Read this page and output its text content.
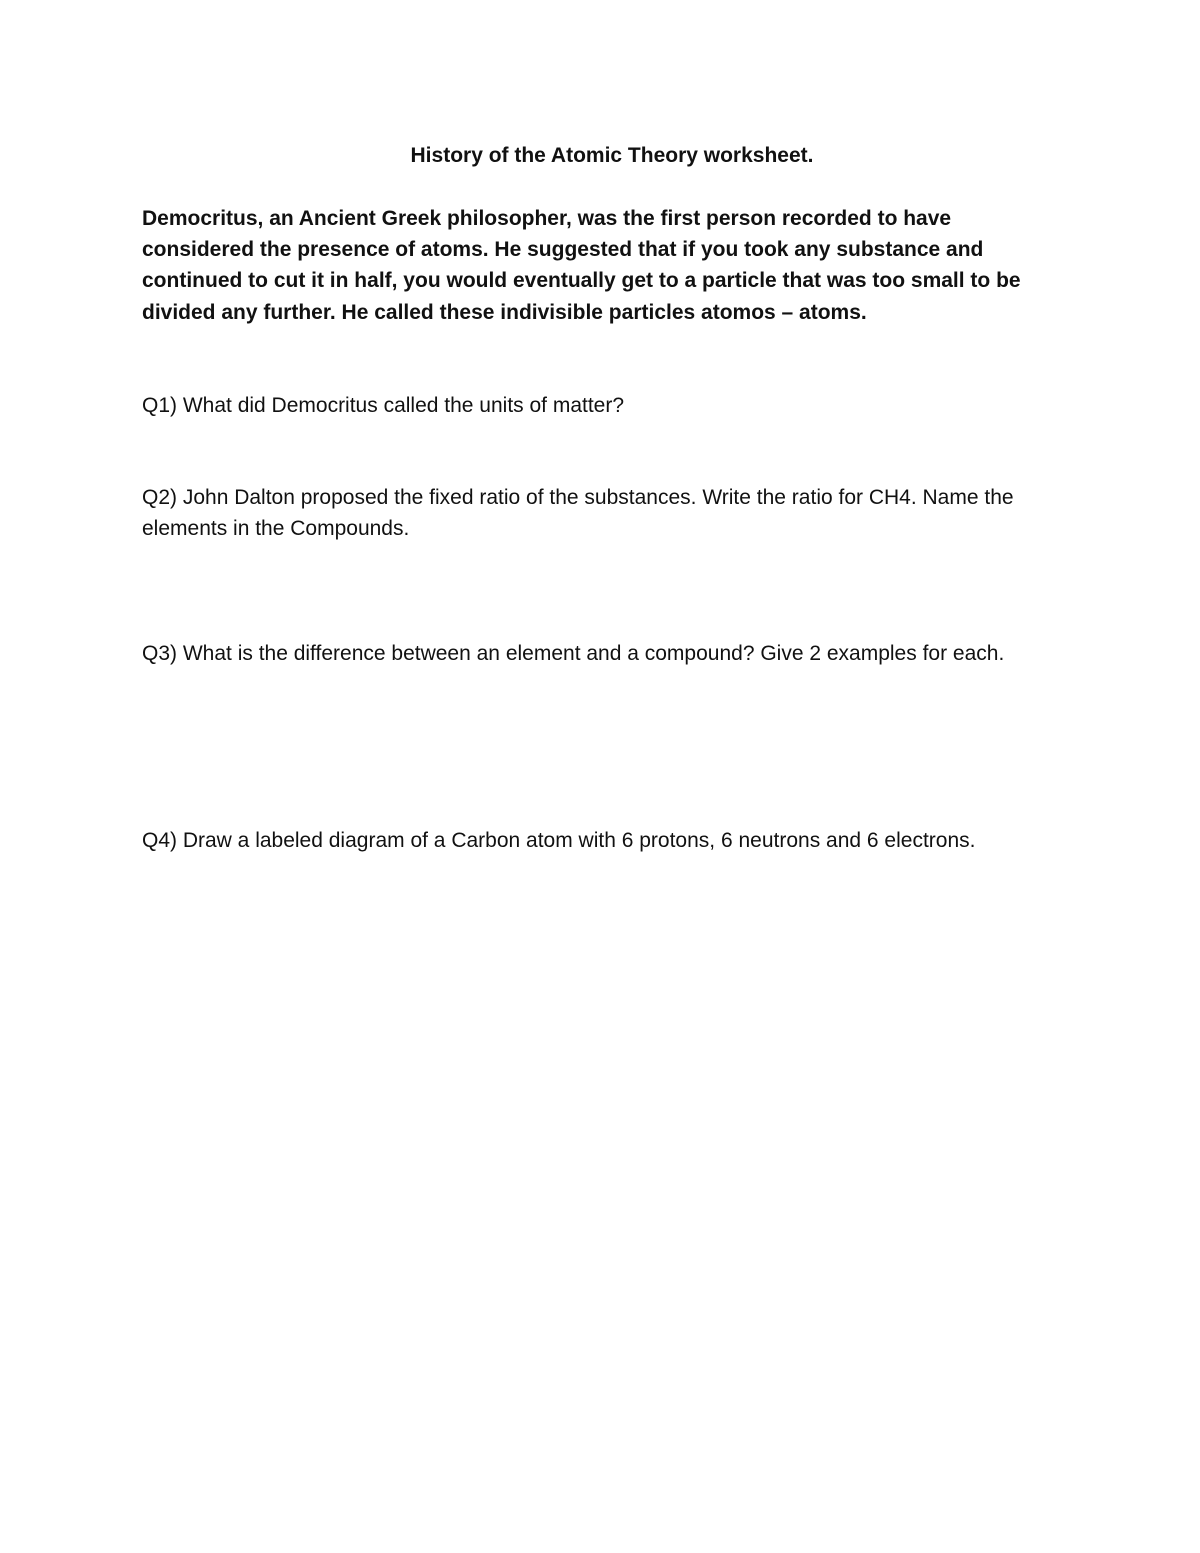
History of the Atomic Theory worksheet.

Democritus, an Ancient Greek philosopher, was the first person recorded to have considered the presence of atoms. He suggested that if you took any substance and continued to cut it in half, you would eventually get to a particle that was too small to be divided any further. He called these indivisible particles atomos – atoms.

Q1) What did Democritus called the units of matter?

Q2) John Dalton proposed the fixed ratio of the substances. Write the ratio for CH4. Name the elements in the Compounds.

Q3) What is the difference between an element and a compound? Give 2 examples for each.

Q4) Draw a labeled diagram of a Carbon atom with 6 protons, 6 neutrons and 6 electrons.
